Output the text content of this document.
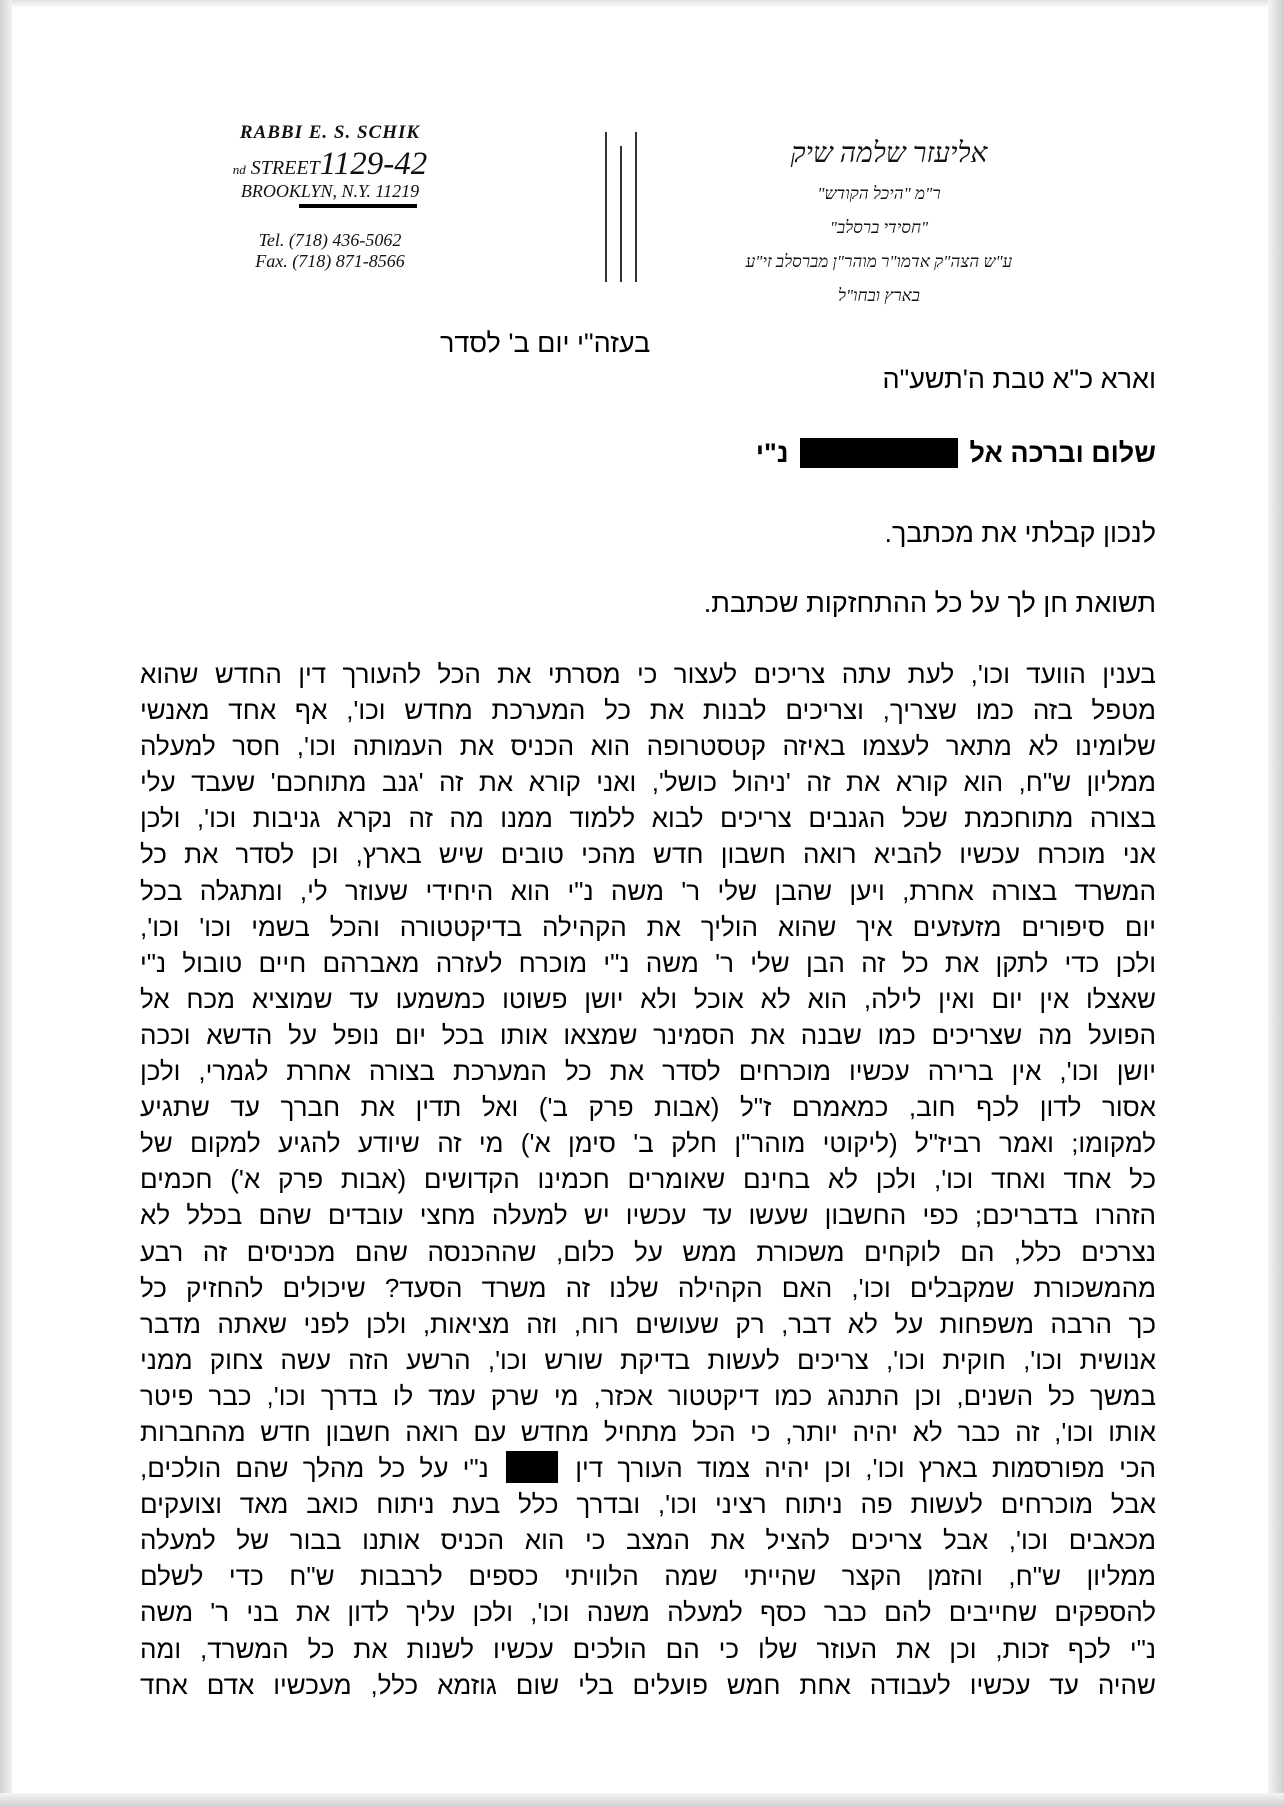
RABBI E. S. SCHIK
nd STREET1129-42
BROOKLYN, N.Y. 11219
Tel. (718) 436-5062
Fax. (718) 871-8566
אליעזר שלמה שיק
ר"מ "היכל הקודש"
"חסידי ברסלב"
ע"ש הצה"ק אדמו"ר מוהר"ן מברסלב זי"ע
בארץ ובחו"ל
בעזה"י יום ב' לסדר
וארא כ"א טבת ה'תשע"ה
שלום וברכה אל  נ"י
לנכון קבלתי את מכתבך.
תשואת חן לך על כל ההתחזקות שכתבת.
בענין הוועד וכו', לעת עתה צריכים לעצור כי מסרתי את הכל להעורך דין החדש שהוא
מטפל בזה כמו שצריך, וצריכים לבנות את כל המערכת מחדש וכו', אף אחד מאנשי
שלומינו לא מתאר לעצמו באיזה קטסטרופה הוא הכניס את העמותה וכו', חסר למעלה
ממליון ש"ח, הוא קורא את זה 'ניהול כושל', ואני קורא את זה 'גנב מתוחכם' שעבד עלי
בצורה מתוחכמת שכל הגנבים צריכים לבוא ללמוד ממנו מה זה נקרא גניבות וכו', ולכן
אני מוכרח עכשיו להביא רואה חשבון חדש מהכי טובים שיש בארץ, וכן לסדר את כל
המשרד בצורה אחרת, ויען שהבן שלי ר' משה נ"י הוא היחידי שעוזר לי, ומתגלה בכל
יום סיפורים מזעזעים איך שהוא הוליך את הקהילה בדיקטטורה והכל בשמי וכו' וכו',
ולכן כדי לתקן את כל זה הבן שלי ר' משה נ"י מוכרח לעזרה מאברהם חיים טובול נ"י
שאצלו אין יום ואין לילה, הוא לא אוכל ולא יושן פשוטו כמשמעו עד שמוציא מכח אל
הפועל מה שצריכים כמו שבנה את הסמינר שמצאו אותו בכל יום נופל על הדשא וככה
יושן וכו', אין ברירה עכשיו מוכרחים לסדר את כל המערכת בצורה אחרת לגמרי, ולכן
אסור לדון לכף חוב, כמאמרם ז"ל (אבות פרק ב') ואל תדין את חברך עד שתגיע
למקומו; ואמר רביז"ל (ליקוטי מוהר"ן חלק ב' סימן א') מי זה שיודע להגיע למקום של
כל אחד ואחד וכו', ולכן לא בחינם שאומרים חכמינו הקדושים (אבות פרק א') חכמים
הזהרו בדבריכם; כפי החשבון שעשו עד עכשיו יש למעלה מחצי עובדים שהם בכלל לא
נצרכים כלל, הם לוקחים משכורת ממש על כלום, שההכנסה שהם מכניסים זה רבע
מהמשכורת שמקבלים וכו', האם הקהילה שלנו זה משרד הסעד? שיכולים להחזיק כל
כך הרבה משפחות על לא דבר, רק שעושים רוח, וזה מציאות, ולכן לפני שאתה מדבר
אנושית וכו', חוקית וכו', צריכים לעשות בדיקת שורש וכו', הרשע הזה עשה צחוק ממני
במשך כל השנים, וכן התנהג כמו דיקטטור אכזר, מי שרק עמד לו בדרך וכו', כבר פיטר
אותו וכו', זה כבר לא יהיה יותר, כי הכל מתחיל מחדש עם רואה חשבון חדש מהחברות
הכי מפורסמות בארץ וכו', וכן יהיה צמוד העורך דין  נ"י על כל מהלך שהם הולכים,
אבל מוכרחים לעשות פה ניתוח רציני וכו', ובדרך כלל בעת ניתוח כואב מאד וצועקים
מכאבים וכו', אבל צריכים להציל את המצב כי הוא הכניס אותנו בבור של למעלה
ממליון ש"ח, והזמן הקצר שהייתי שמה הלוויתי כספים לרבבות ש"ח כדי לשלם
להספקים שחייבים להם כבר כסף למעלה משנה וכו', ולכן עליך לדון את בני ר' משה
נ"י לכף זכות, וכן את העוזר שלו כי הם הולכים עכשיו לשנות את כל המשרד, ומה
שהיה עד עכשיו לעבודה אחת חמש פועלים בלי שום גוזמא כלל, מעכשיו אדם אחד
